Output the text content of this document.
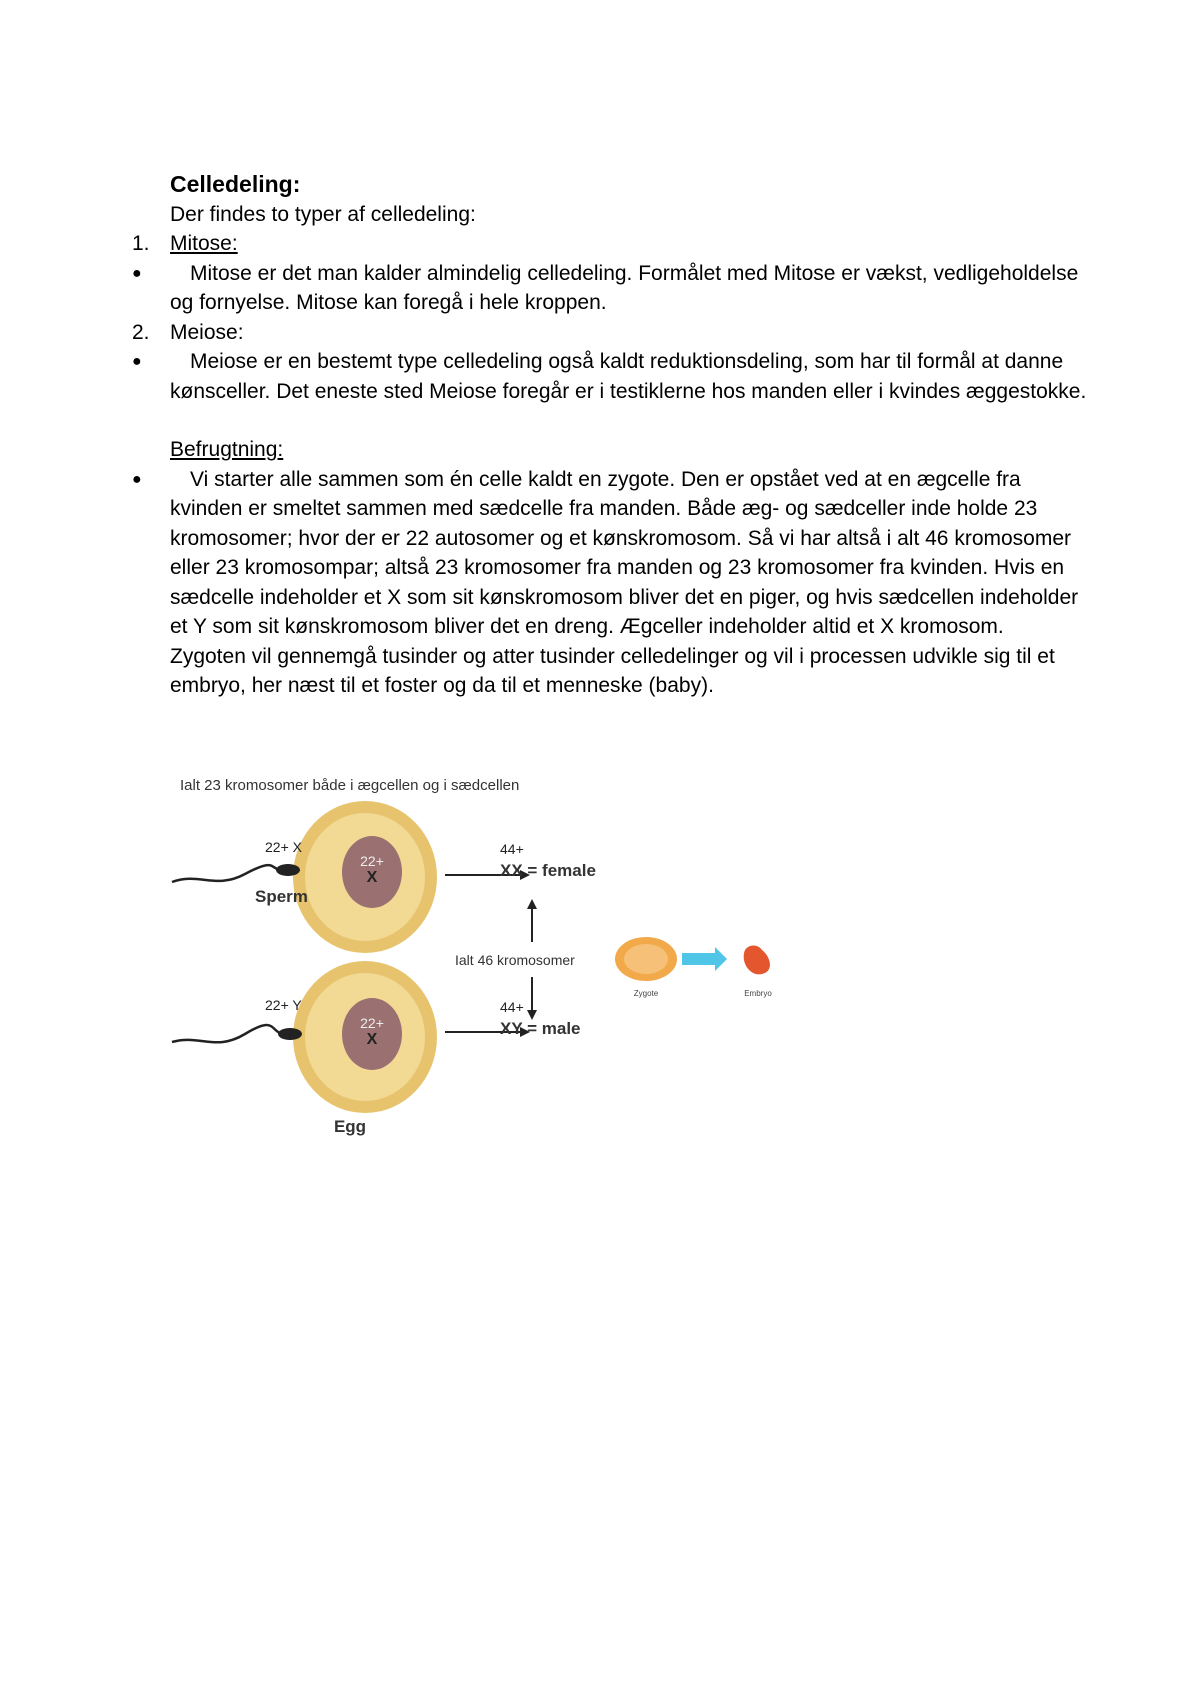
Celledeling:
Der findes to typer af celledeling:
1. Mitose:
● Mitose er det man kalder almindelig celledeling. Formålet med Mitose er vækst, vedligeholdelse og fornyelse. Mitose kan foregå i hele kroppen.
2. Meiose:
● Meiose er en bestemt type celledeling også kaldt reduktionsdeling, som har til formål at danne kønsceller. Det eneste sted Meiose foregår er i testiklerne hos manden eller i kvindes æggestokke.
Befrugtning:
● Vi starter alle sammen som én celle kaldt en zygote. Den er opstået ved at en ægcelle fra kvinden er smeltet sammen med sædcelle fra manden. Både æg- og sædceller inde holde 23 kromosomer; hvor der er 22 autosomer og et kønskromosom. Så vi har altså i alt 46 kromosomer eller 23 kromosompar; altså 23 kromosomer fra manden og 23 kromosomer fra kvinden. Hvis en sædcelle indeholder et X som sit kønskromosom bliver det en piger, og hvis sædcellen indeholder et Y som sit kønskromosom bliver det en dreng. Ægceller indeholder altid et X kromosom.
Zygoten vil gennemgå tusinder og atter tusinder celledelinger og vil i processen udvikle sig til et embryo, her næst til et foster og da til et menneske (baby).
Ialt 23 kromosomer både i ægcellen og i sædcellen
22+
X
22+ X
Sperm
44+
XX = female
Ialt 46 kromosomer
22+
X
22+ Y
Egg
44+
XY = male
Zygote	Embryo
